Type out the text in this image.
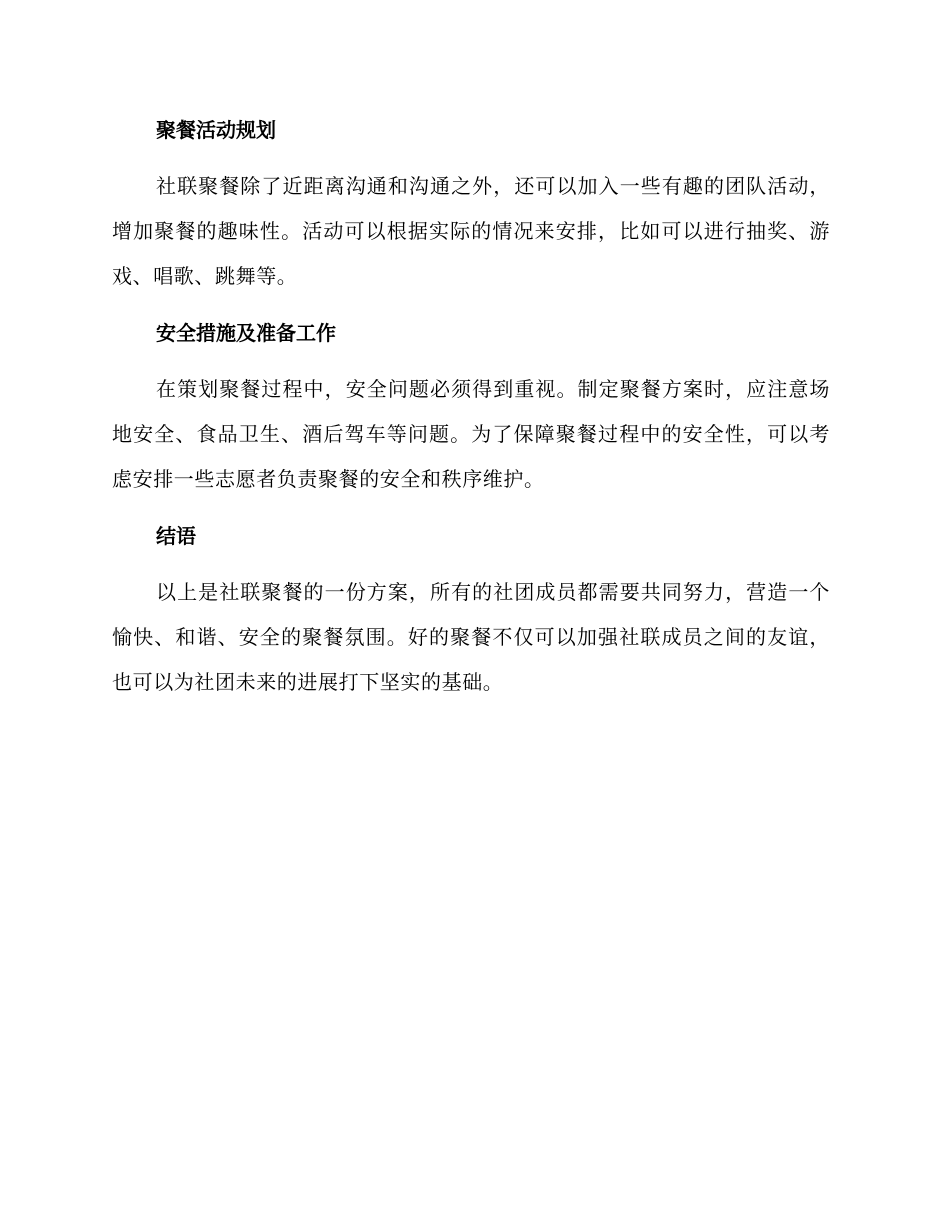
聚餐活动规划

社联聚餐除了近距离沟通和沟通之外，还可以加入一些有趣的团队活动，增加聚餐的趣味性。活动可以根据实际的情况来安排，比如可以进行抽奖、游戏、唱歌、跳舞等。

安全措施及准备工作

在策划聚餐过程中，安全问题必须得到重视。制定聚餐方案时，应注意场地安全、食品卫生、酒后驾车等问题。为了保障聚餐过程中的安全性，可以考虑安排一些志愿者负责聚餐的安全和秩序维护。

结语

以上是社联聚餐的一份方案，所有的社团成员都需要共同努力，营造一个愉快、和谐、安全的聚餐氛围。好的聚餐不仅可以加强社联成员之间的友谊，也可以为社团未来的进展打下坚实的基础。
